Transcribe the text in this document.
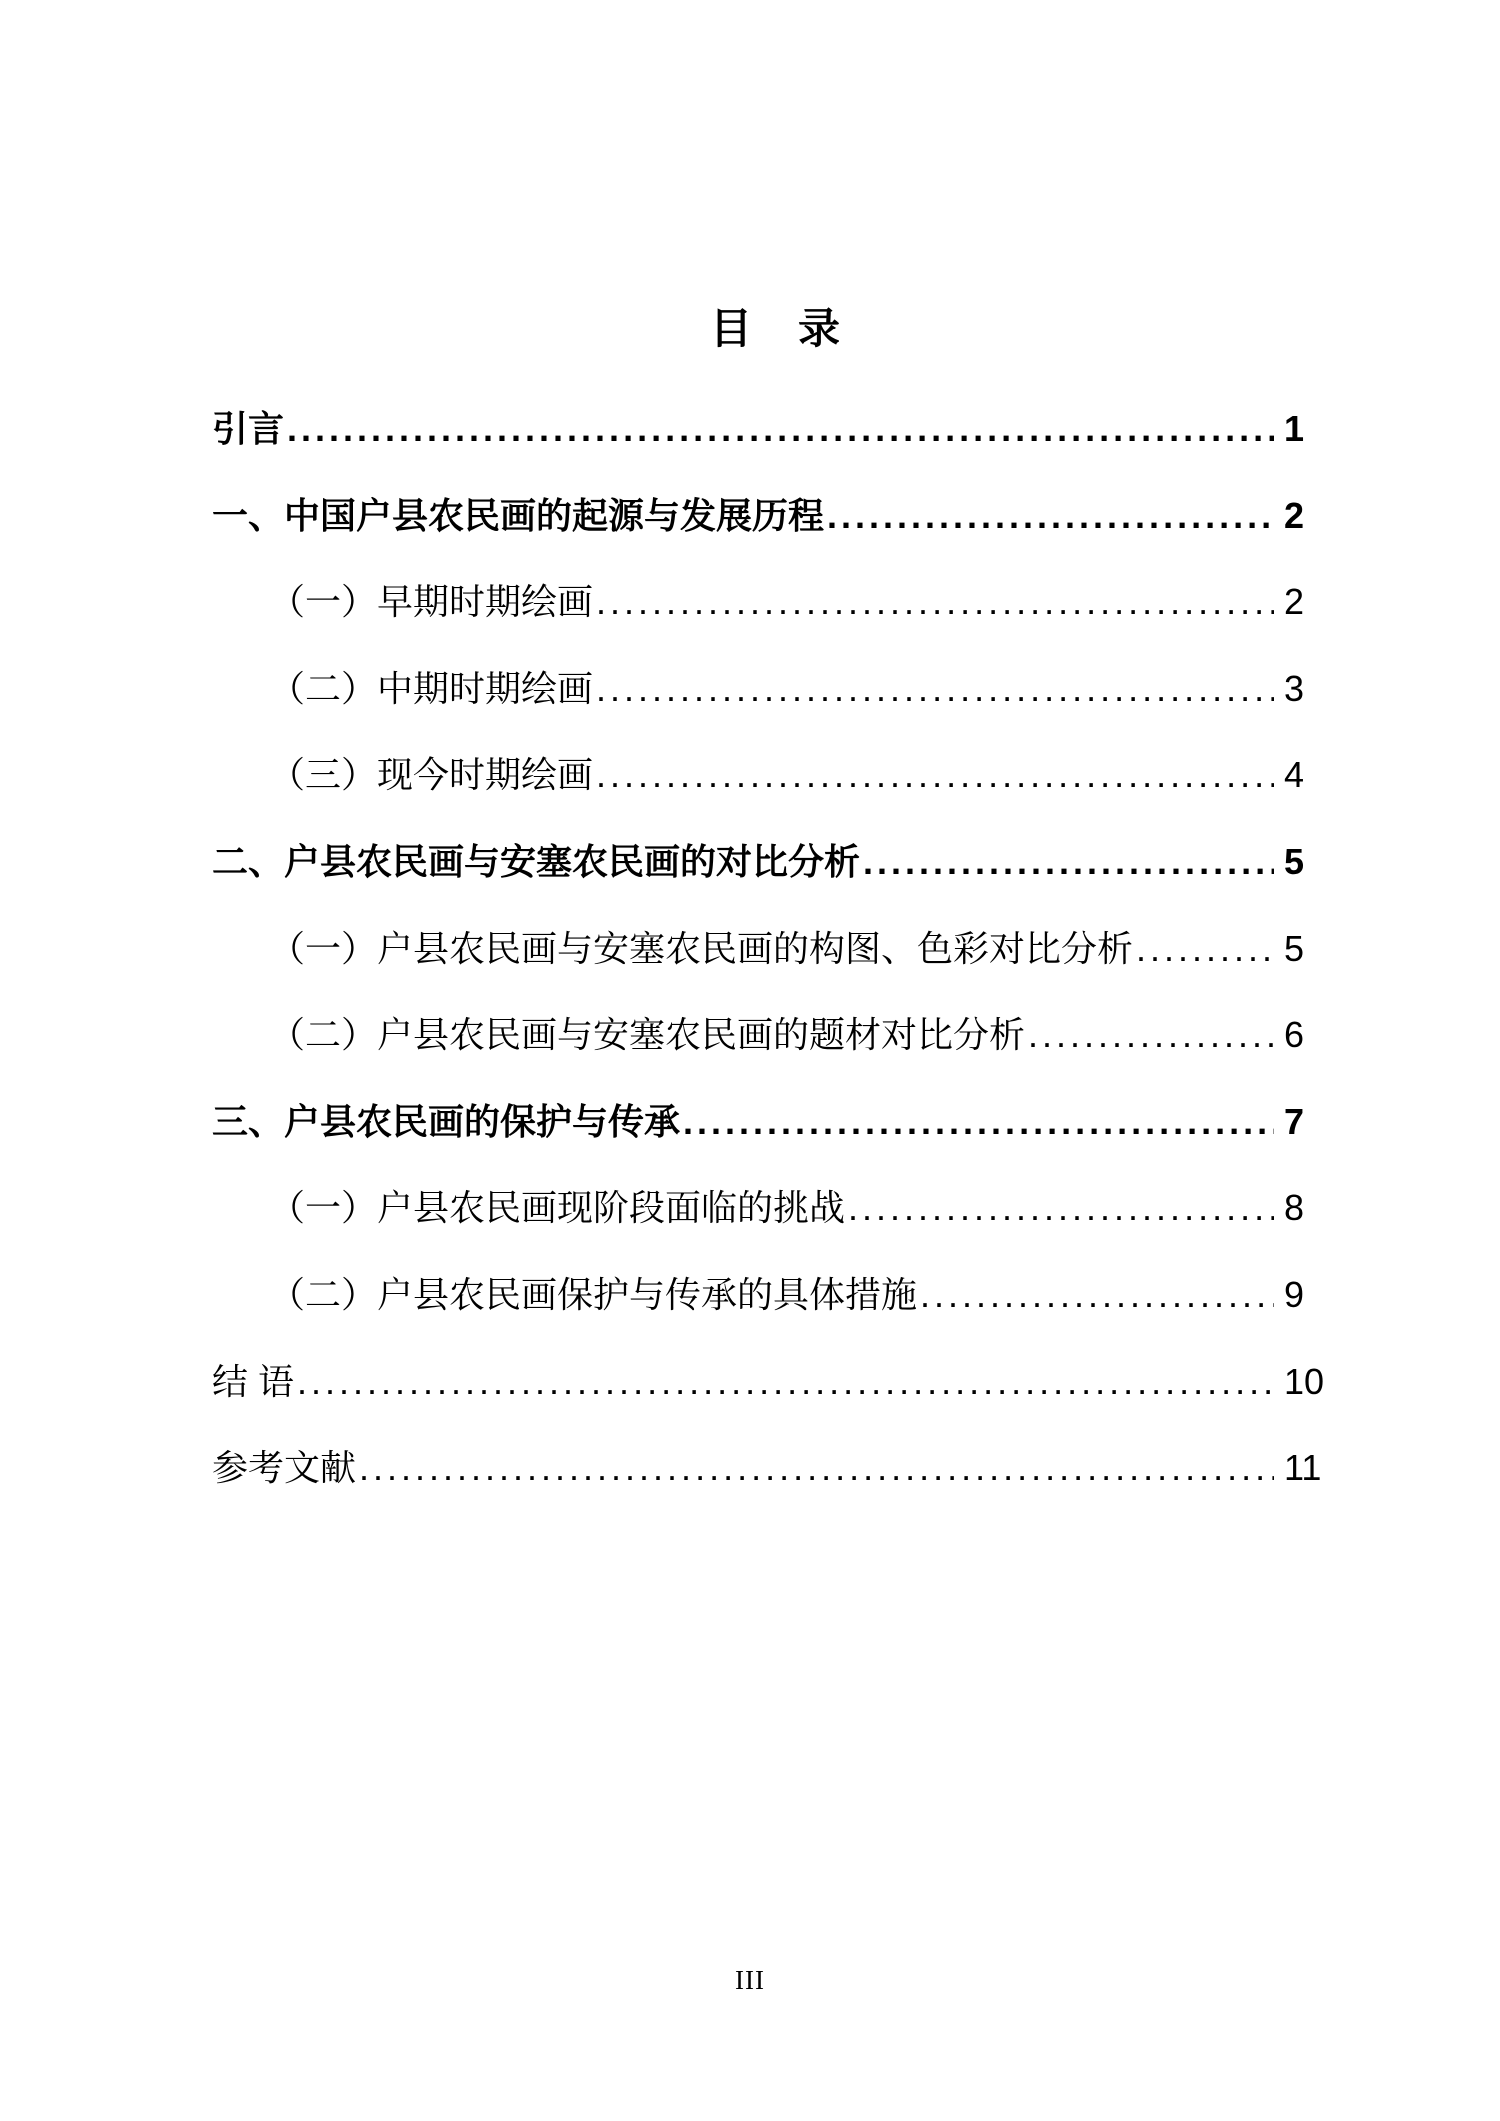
目　录
引言 .....	1
一、中国户县农民画的起源与发展历程 .....	2
（一）早期时期绘画 .....	2
（二）中期时期绘画 .....	3
（三）现今时期绘画 .....	4
二、户县农民画与安塞农民画的对比分析 .....	5
（一）户县农民画与安塞农民画的构图、色彩对比分析 .....	5
（二）户县农民画与安塞农民画的题材对比分析 .....	6
三、户县农民画的保护与传承 .....	7
（一）户县农民画现阶段面临的挑战 .....	8
（二）户县农民画保护与传承的具体措施 .....	9
结 语 .....	10
参考文献 .....	11
III
